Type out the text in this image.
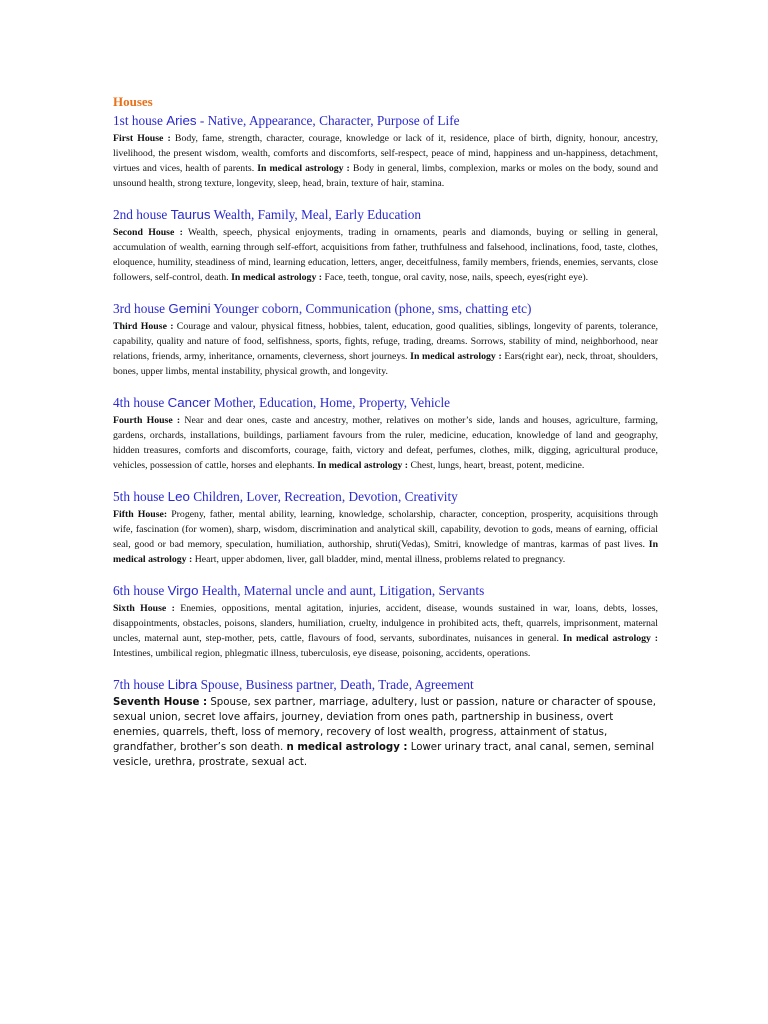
Houses
1st house Aries - Native, Appearance, Character, Purpose of Life
First House : Body, fame, strength, character, courage, knowledge or lack of it, residence, place of birth, dignity, honour, ancestry, livelihood, the present wisdom, wealth, comforts and discomforts, self-respect, peace of mind, happiness and un-happiness, detachment, virtues and vices, health of parents. In medical astrology : Body in general, limbs, complexion, marks or moles on the body, sound and unsound health, strong texture, longevity, sleep, head, brain, texture of hair, stamina.
2nd house Taurus Wealth, Family, Meal, Early Education
Second House : Wealth, speech, physical enjoyments, trading in ornaments, pearls and diamonds, buying or selling in general, accumulation of wealth, earning through self-effort, acquisitions from father, truthfulness and falsehood, inclinations, food, taste, clothes, eloquence, humility, steadiness of mind, learning education, letters, anger, deceitfulness, family members, friends, enemies, servants, close followers, self-control, death. In medical astrology : Face, teeth, tongue, oral cavity, nose, nails, speech, eyes(right eye).
3rd house Gemini Younger coborn, Communication (phone, sms, chatting etc)
Third House : Courage and valour, physical fitness, hobbies, talent, education, good qualities, siblings, longevity of parents, tolerance, capability, quality and nature of food, selfishness, sports, fights, refuge, trading, dreams. Sorrows, stability of mind, neighborhood, near relations, friends, army, inheritance, ornaments, cleverness, short journeys. In medical astrology : Ears(right ear), neck, throat, shoulders, bones, upper limbs, mental instability, physical growth, and longevity.
4th house Cancer Mother, Education, Home, Property, Vehicle
Fourth House : Near and dear ones, caste and ancestry, mother, relatives on mother’s side, lands and houses, agriculture, farming, gardens, orchards, installations, buildings, parliament favours from the ruler, medicine, education, knowledge of land and geography, hidden treasures, comforts and discomforts, courage, faith, victory and defeat, perfumes, clothes, milk, digging, agricultural produce, vehicles, possession of cattle, horses and elephants. In medical astrology : Chest, lungs, heart, breast, potent, medicine.
5th house Leo Children, Lover, Recreation, Devotion, Creativity
Fifth House: Progeny, father, mental ability, learning, knowledge, scholarship, character, conception, prosperity, acquisitions through wife, fascination (for women), sharp, wisdom, discrimination and analytical skill, capability, devotion to gods, means of earning, official seal, good or bad memory, speculation, humiliation, authorship, shruti(Vedas), Smitri, knowledge of mantras, karmas of past lives. In medical astrology : Heart, upper abdomen, liver, gall bladder, mind, mental illness, problems related to pregnancy.
6th house Virgo Health, Maternal uncle and aunt, Litigation, Servants
Sixth House : Enemies, oppositions, mental agitation, injuries, accident, disease, wounds sustained in war, loans, debts, losses, disappointments, obstacles, poisons, slanders, humiliation, cruelty, indulgence in prohibited acts, theft, quarrels, imprisonment, maternal uncles, maternal aunt, step-mother, pets, cattle, flavours of food, servants, subordinates, nuisances in general. In medical astrology : Intestines, umbilical region, phlegmatic illness, tuberculosis, eye disease, poisoning, accidents, operations.
7th house Libra Spouse, Business partner, Death, Trade, Agreement
Seventh House : Spouse, sex partner, marriage, adultery, lust or passion, nature or character of spouse, sexual union, secret love affairs, journey, deviation from ones path, partnership in business, overt enemies, quarrels, theft, loss of memory, recovery of lost wealth, progress, attainment of status, grandfather, brother’s son death. n medical astrology : Lower urinary tract, anal canal, semen, seminal vesicle, urethra, prostrate, sexual act.
